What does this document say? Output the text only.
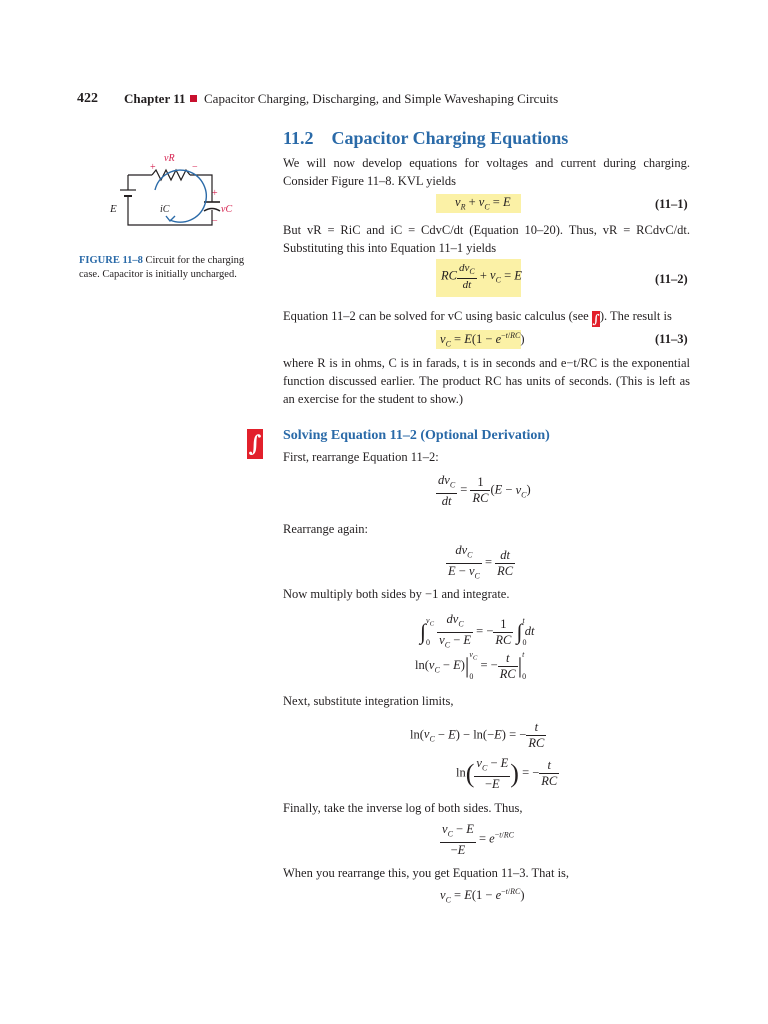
422 Chapter 11 Capacitor Charging, Discharging, and Simple Waveshaping Circuits
11.2 Capacitor Charging Equations
vR
+	−
+
−
vC
E	iC
FIGURE 11–8 Circuit for the charging case. Capacitor is initially uncharged.
We will now develop equations for voltages and current during charging. Consider Figure 11–8. KVL yields
$v_R + v_C = E$	(11–1)
But vR = RiC and iC = CdvC/dt (Equation 10–20). Thus, vR = RCdvC/dt. Substituting this into Equation 11–1 yields
RC $\frac{dv_C}{dt} + v_C = E$	(11–2)
Equation 11–2 can be solved for vC using basic calculus (see ∫). The result is
$v_C = E(1 - e^{-t/RC})$	(11–3)
where R is in ohms, C is in farads, t is in seconds and e−t/RC is the exponential function discussed earlier. The product RC has units of seconds. (This is left as an exercise for the student to show.)
∫ Solving Equation 11–2 (Optional Derivation)
First, rearrange Equation 11–2:
$\frac{dv_C}{dt} = \frac{1}{RC} (E - v_C)$
Rearrange again:
$\frac{dv_C}{E - v_C} = \frac{dt}{RC}$
Now multiply both sides by −1 and integrate.
$\int_0^{v_C} \frac{dv_C}{v_C - E}$ = − $\frac{1}{RC} \int_0^tdt$
$\ln(v_C - E)|_0^{v_C}$ = − $\frac{t}{RC} |_0^t$
Next, substitute integration limits,
$\ln(v_C - E) - \ln(-E)$ = − $\frac{t}{RC}$
$\ln( \frac{v_C - E}{-E}$ ) = − $\frac{t}{RC}$
Finally, take the inverse log of both sides. Thus,
$\frac{v_C - E}{-E} = e^{-t/RC}$
When you rearrange this, you get Equation 11–3. That is,
$v_C = E(1 - e^{-t/RC})$
